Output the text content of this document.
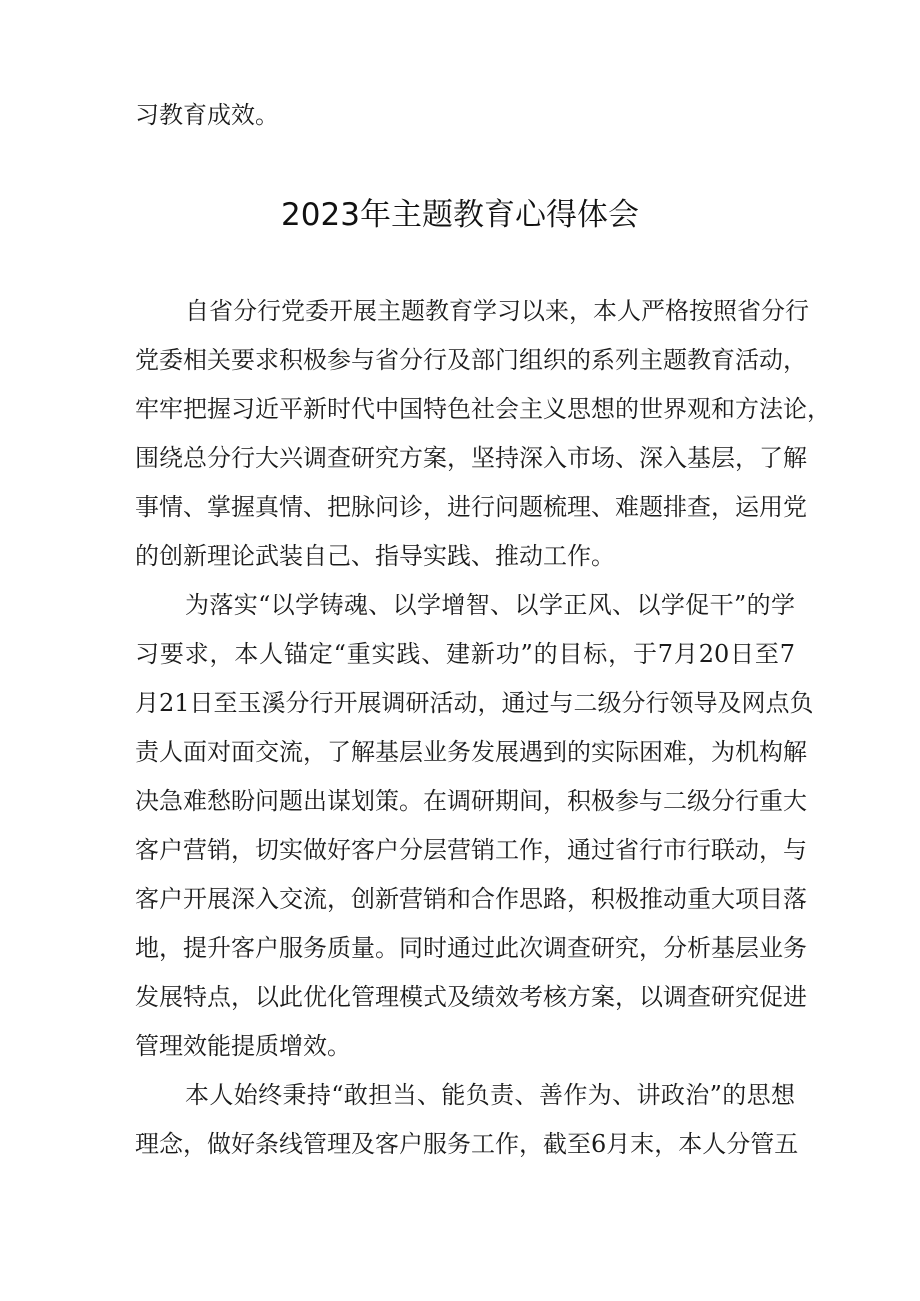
习教育成效。
2023年主题教育心得体会
自省分行党委开展主题教育学习以来，本人严格按照省分行
党委相关要求积极参与省分行及部门组织的系列主题教育活动，
牢牢把握习近平新时代中国特色社会主义思想的世界观和方法论，
围绕总分行大兴调查研究方案，坚持深入市场、深入基层，了解
事情、掌握真情、把脉问诊，进行问题梳理、难题排查，运用党
的创新理论武装自己、指导实践、推动工作。
为落实“以学铸魂、以学增智、以学正风、以学促干”的学
习要求，本人锚定“重实践、建新功”的目标，于7月20日至7
月21日至玉溪分行开展调研活动，通过与二级分行领导及网点负
责人面对面交流，了解基层业务发展遇到的实际困难，为机构解
决急难愁盼问题出谋划策。在调研期间，积极参与二级分行重大
客户营销，切实做好客户分层营销工作，通过省行市行联动，与
客户开展深入交流，创新营销和合作思路，积极推动重大项目落
地，提升客户服务质量。同时通过此次调查研究，分析基层业务
发展特点，以此优化管理模式及绩效考核方案，以调查研究促进
管理效能提质增效。
本人始终秉持“敢担当、能负责、善作为、讲政治”的思想
理念，做好条线管理及客户服务工作，截至6月末，本人分管五
